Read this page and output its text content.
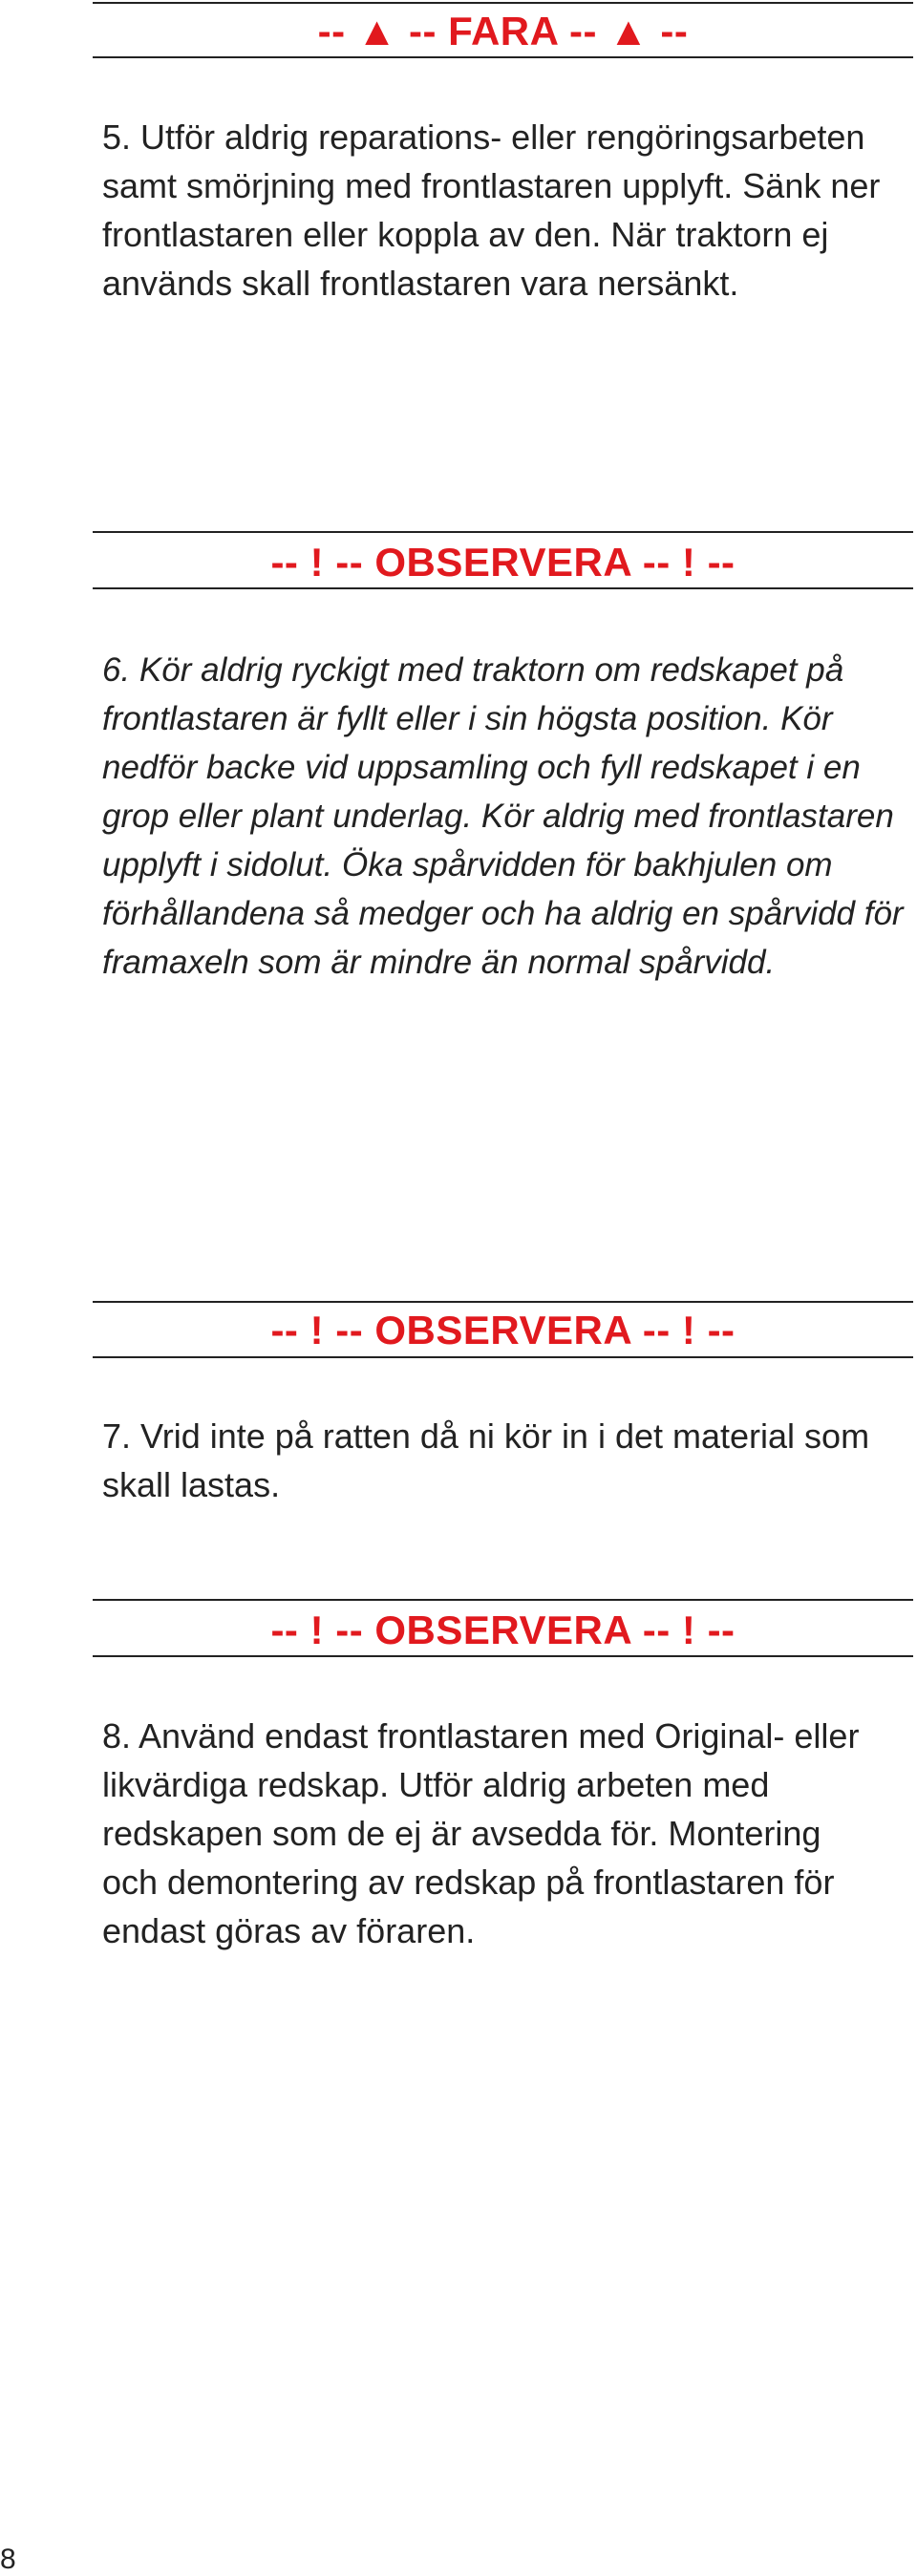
-- ▲ -- FARA -- ▲ --
5. Utför aldrig reparations- eller rengöringsarbeten samt smörjning med frontlastaren upplyft. Sänk ner frontlastaren eller koppla av den. När traktorn ej används skall frontlastaren vara nersänkt.
-- ! -- OBSERVERA -- ! --
6. Kör aldrig ryckigt med traktorn om redskapet på frontlastaren är fyllt eller i sin högsta position. Kör nedför backe vid uppsamling och fyll redskapet i en grop eller plant underlag. Kör aldrig med frontlastaren upplyft i sidolut. Öka spårvidden för bakhjulen om förhållandena så medger och ha aldrig en spårvidd för framaxeln som är mindre än normal spårvidd.
-- ! -- OBSERVERA -- ! --
7. Vrid inte på ratten då ni kör in i det material som skall lastas.
-- ! -- OBSERVERA -- ! --
8. Använd endast frontlastaren med Original- eller likvärdiga redskap. Utför aldrig arbeten med redskapen som de ej är avsedda för. Montering och demontering av redskap på frontlastaren för endast göras av föraren.
8
